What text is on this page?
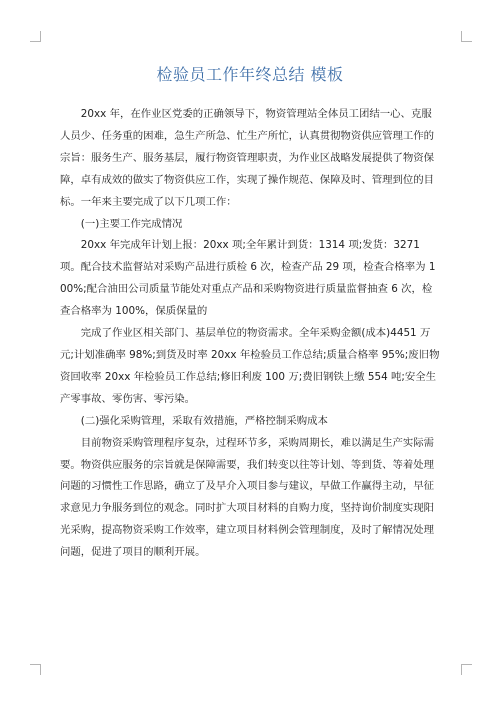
检验员工作年终总结 模板

20xx 年，在作业区党委的正确领导下，物资管理站全体员工团结一心、克服人员少、任务重的困难，急生产所急、忙生产所忙，认真贯彻物资供应管理工作的宗旨：服务生产、服务基层，履行物资管理职责，为作业区战略发展提供了物资保障，卓有成效的做实了物资供应工作，实现了操作规范、保障及时、管理到位的目标。一年来主要完成了以下几项工作：

(一)主要工作完成情况

20xx 年完成年计划上报：20xx 项;全年累计到货：1314 项;发货：3271 项。配合技术监督站对采购产品进行质检 6 次，检查产品 29 项，检查合格率为 100%;配合油田公司质量节能处对重点产品和采购物资进行质量监督抽查 6 次，检查合格率为 100%，保质保量的

完成了作业区相关部门、基层单位的物资需求。全年采购金额(成本)4451 万元;计划准确率 98%;到货及时率 20xx 年检验员工作总结;质量合格率 95%;废旧物资回收率 20xx 年检验员工作总结;修旧利废 100 万;费旧钢铁上缴 554 吨;安全生产零事故、零伤害、零污染。

(二)强化采购管理，采取有效措施，严格控制采购成本

目前物资采购管理程序复杂，过程环节多，采购周期长，难以满足生产实际需要。物资供应服务的宗旨就是保障需要，我们转变以往等计划、等到货、等着处理问题的习惯性工作思路，确立了及早介入项目参与建议，早做工作赢得主动，早征求意见力争服务到位的观念。同时扩大项目材料的自购力度，坚持询价制度实现阳光采购，提高物资采购工作效率，建立项目材料例会管理制度，及时了解情况处理问题，促进了项目的顺利开展。
